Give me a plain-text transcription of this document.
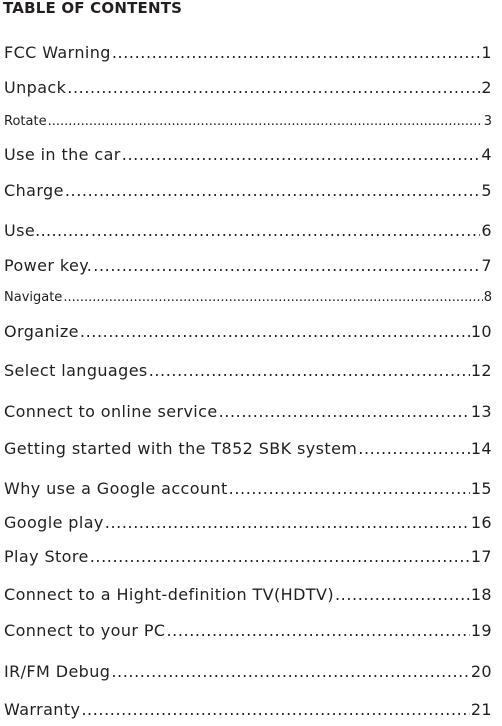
TABLE OF CONTENTS
FCC Warning .....	1
Unpack .....	2
Rotate .....	3
Use in the car .....	4
Charge .....	5
Use.......... .....	6
Power key. .....	7
Navigate .....	8
Organize .....	10
Select languages .....	12
Connect to online service .....	13
Getting started with the T852 SBK system .....	14
Why use a Google account .....	15
Google play .....	16
Play Store .....	17
Connect to a Hight-definition TV(HDTV) .....	18
Connect to your PC .....	19
IR/FM Debug .....	20
Warranty .....	21
